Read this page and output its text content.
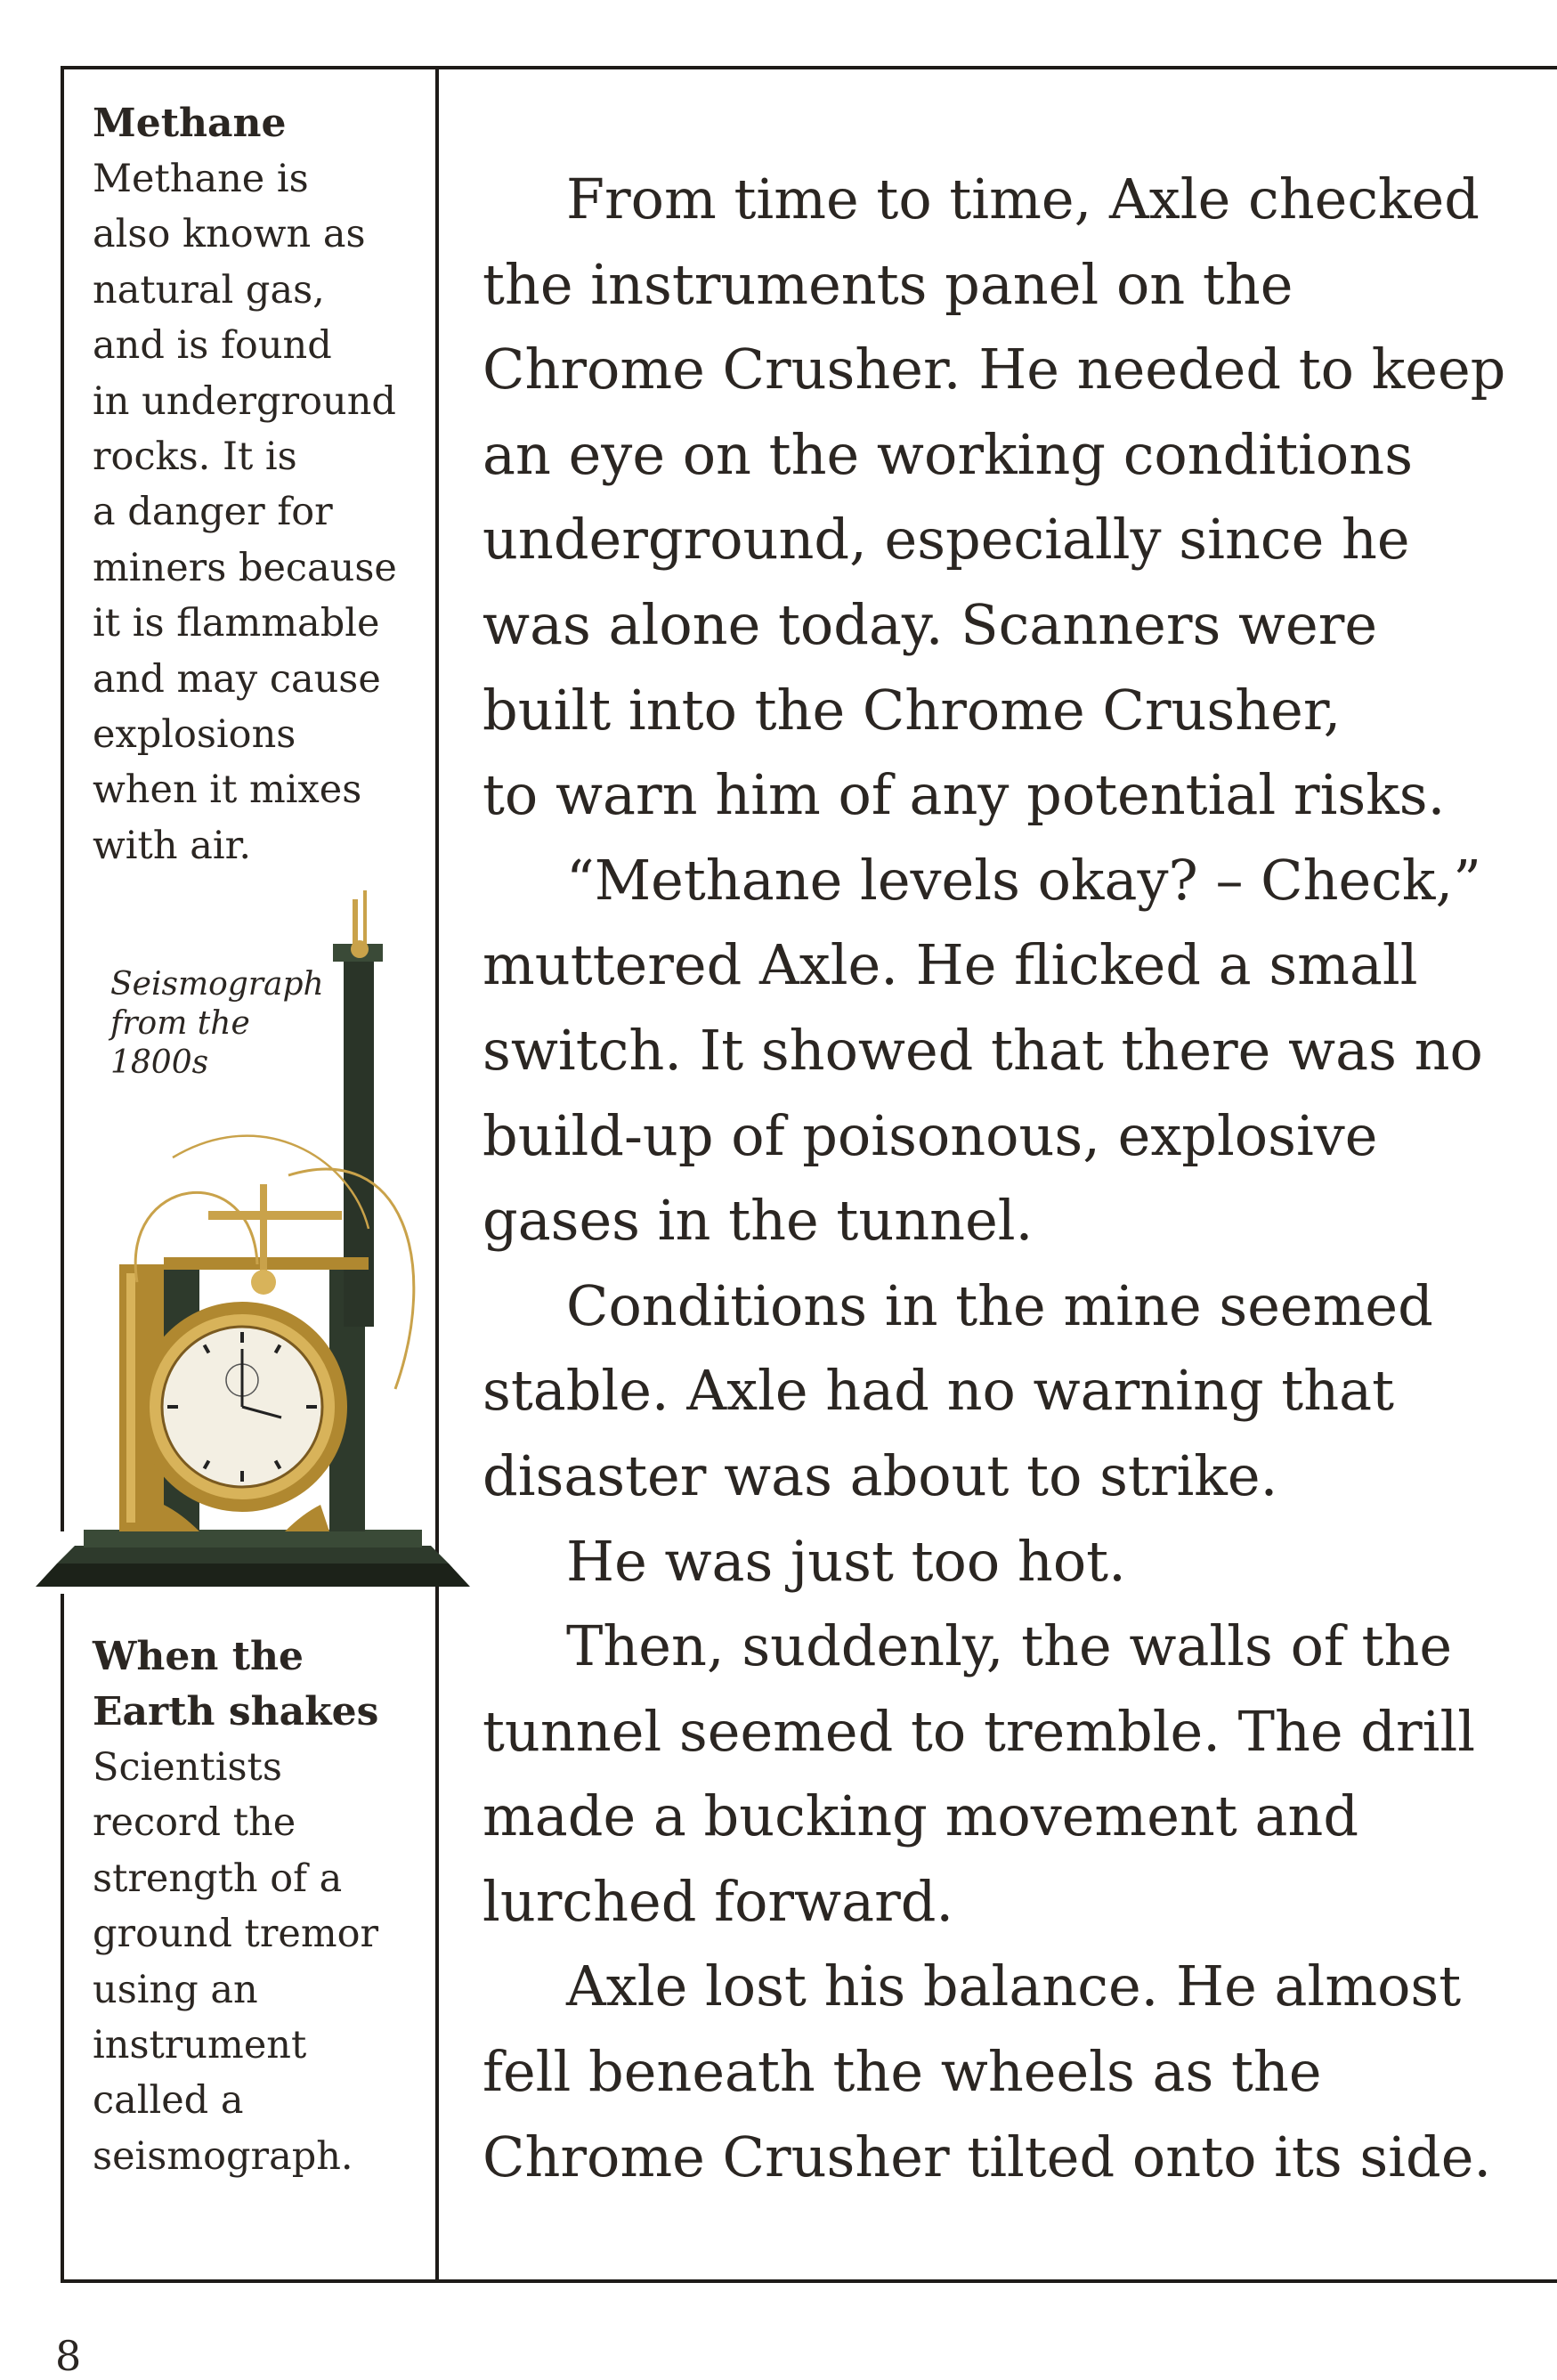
Methane
Methane is
also known as
natural gas,
and is found
in underground
rocks. It is
a danger for
miners because
it is flammable
and may cause
explosions
when it mixes
with air.
Seismograph
from the
1800s
When the
Earth shakes
Scientists
record the
strength of a
ground tremor
using an
instrument
called a
seismograph.

From time to time, Axle checked
the instruments panel on the
Chrome Crusher. He needed to keep
an eye on the working conditions
underground, especially since he
was alone today. Scanners were
built into the Chrome Crusher,
to warn him of any potential risks.

“Methane levels okay? – Check,”
muttered Axle. He flicked a small
switch. It showed that there was no
build-up of poisonous, explosive
gases in the tunnel.

Conditions in the mine seemed
stable. Axle had no warning that
disaster was about to strike.

He was just too hot.

Then, suddenly, the walls of the
tunnel seemed to tremble. The drill
made a bucking movement and
lurched forward.

Axle lost his balance. He almost
fell beneath the wheels as the
Chrome Crusher tilted onto its side.

8
